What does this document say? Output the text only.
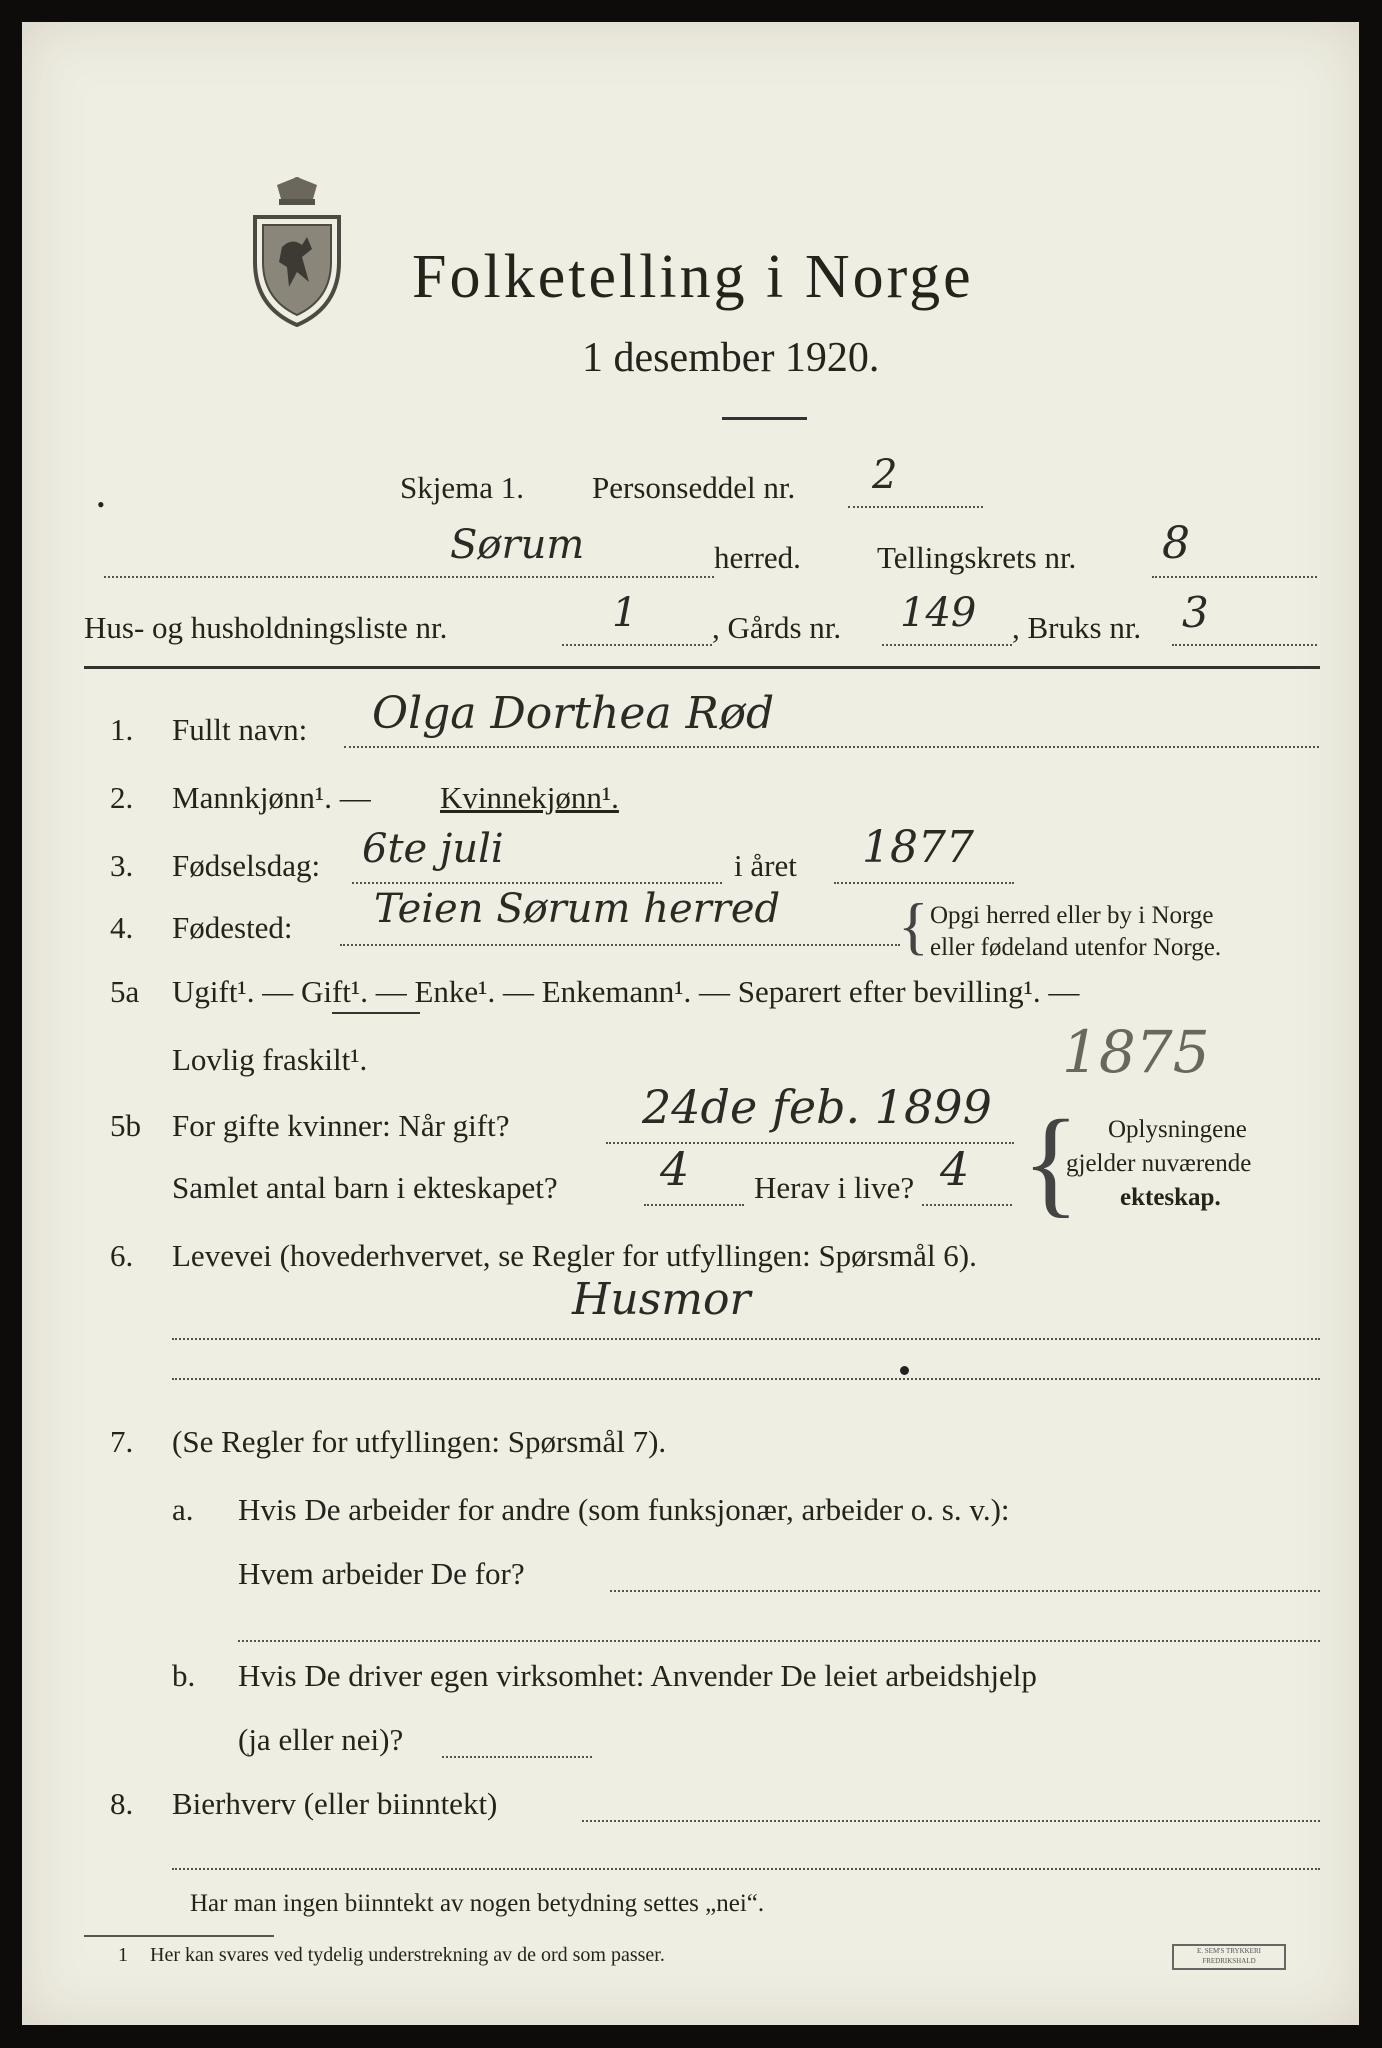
Folketelling i Norge
1 desember 1920.
•	Skjema 1. Personseddel nr. 2
Sørum	herred. Tellingskrets nr. 8
Hus- og husholdningsliste nr.	1 , Gårds nr. 149 , Bruks nr. 3
1. Fullt navn: Olga Dorthea Rød
2. Mannkjønn¹. — Kvinnekjønn¹.
3. Fødselsdag: 6te juli	i året 1877
4. Fødested: Teien Sørum herred { Opgi herred eller by i Norge
eller fødeland utenfor Norge.
5a Ugift¹. — Gift¹. — Enke¹. — Enkemann¹. — Separert efter bevilling¹. —
Lovlig fraskilt¹.	1875
5b For gifte kvinner: Når gift?	24de feb. 1899
Samlet antal barn i ekteskapet? 4 Herav i live? 4 { Oplysningene
gjelder nuværende
ekteskap.
6. Levevei (hovederhvervet, se Regler for utfyllingen: Spørsmål 6).
Husmor
7. (Se Regler for utfyllingen: Spørsmål 7).
a. Hvis De arbeider for andre (som funksjonær, arbeider o. s. v.):
Hvem arbeider De for?
b. Hvis De driver egen virksomhet: Anvender De leiet arbeidshjelp
(ja eller nei)?
8. Bierhverv (eller biinntekt)
Har man ingen biinntekt av nogen betydning settes „nei“.
1 Her kan svares ved tydelig understrekning av de ord som passer.	E. SEM'S TRYKKERI FREDRIKSHALD
